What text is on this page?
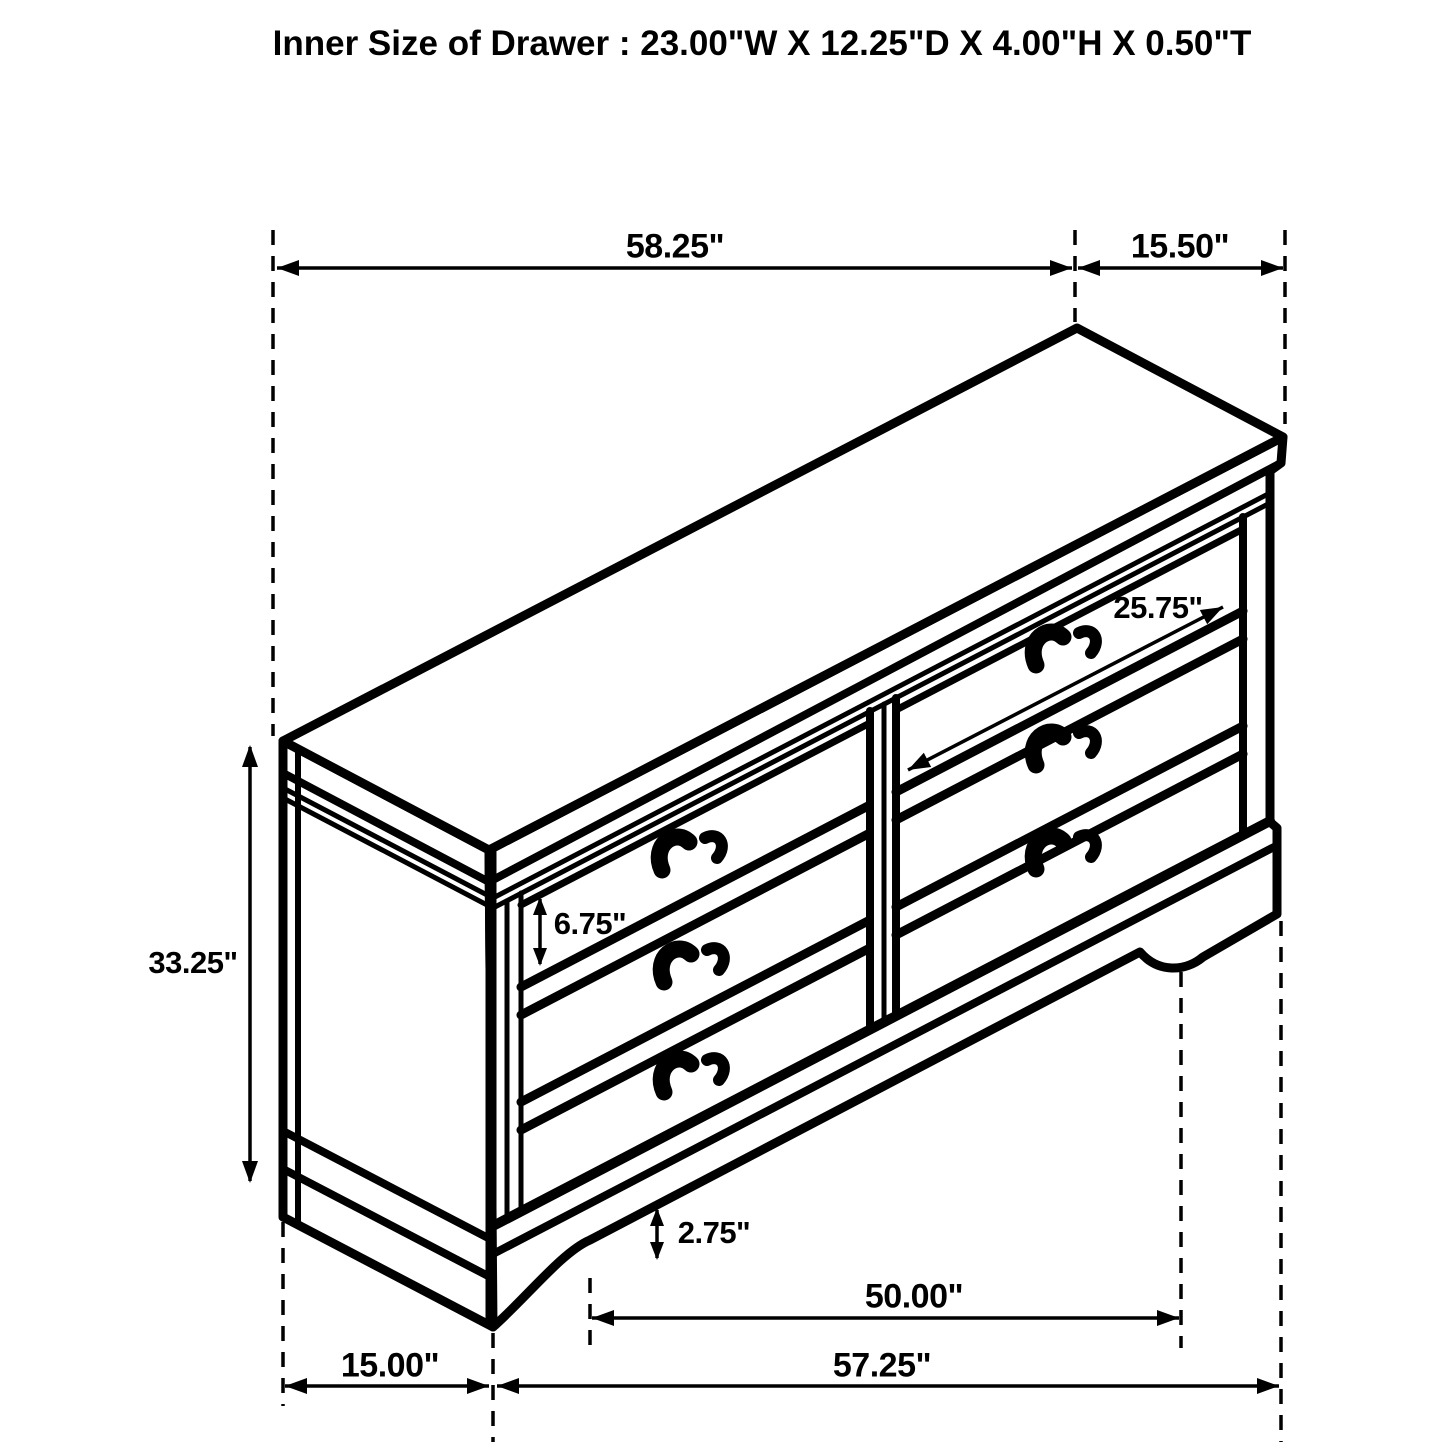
Inner Size of Drawer : 23.00"W X 12.25"D X 4.00"H X 0.50"T
58.25"	15.50"
33.25"
25.75"
6.75"
2.75"
50.00"
15.00"	57.25"
